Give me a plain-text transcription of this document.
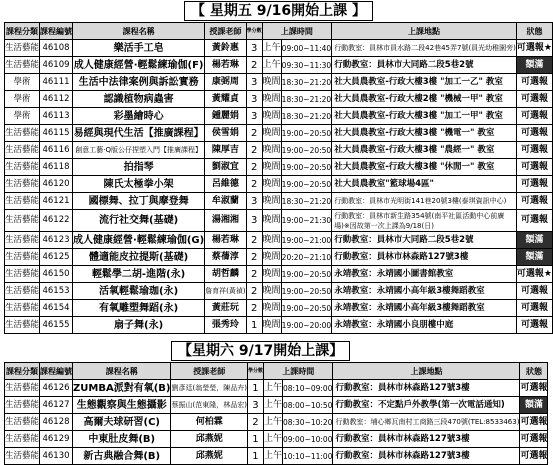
【 星期五 9/16開始上課 】
課程分類	課程編號	課程名稱	授課老師	學分數	上課時間		上課地點	狀態
生活藝能	46108	樂活手工皂	黃鈴惠	3	上午	09:00~11:40	行動教室：員林市員水路二段42巷45弄7號(員光幼稚園旁)	可選報★
生活藝能	46109	成人健康經營·輕鬆練瑜伽(F)	楊若琳	2	上午	09:30~11:30	行動教室：員林市大同路二段5巷2號	額滿
學術	46111	生活中法律案例與訴訟實務	康弼周	3	晚間	18:30~21:20	社大員農教室-行政大樓3樓 "加工一乙" 教室	可選報
學術	46112	認識植物病蟲害	黃耀貞	3	晚間	18:30~21:20	社大員農教室-行政大樓2樓 "機械一甲" 教室	可選報
學術	46113	彩墨繪時心	鍾麗娟	3	晚間	18:30~21:20	社大員農教室-行政大樓3樓 "加工一甲" 教室	可選報
生活藝能	46115	易經與現代生活【推廣課程】	侯雪娟	2	晚間	19:00~20:50	社大員農教室-行政大樓3樓 "機電一" 教室	可選報
生活藝能	46116	創意工藝·Q版公仔捏塑入門【推廣課程】	陳厚吉	2	晚間	19:00~20:50	社大員農教室-行政大樓3樓 "農經一" 教室	可選報
生活藝能	46118	拍指琴	劉淑宜	2	晚間	19:00~20:50	社大員農教室-行政大樓3樓 "休閒一" 教室	可選報
生活藝能	46120	陳氏太極拳小架	呂維德	2	晚間	19:00~20:50	社大員農教室"籃球場4區"	可選報
生活藝能	46121	國標舞、拉丁與摩登舞	牟淑蘭	3	晚間	18:30~21:20	行動教室：員林市光明街141巷20號3樓(泰琪資訊中心)	可選報
生活藝能	46122	流行社交舞(基礎)	湯湘湘	3	晚間	19:00~21:30	行動教室：員林市新生路354號(南平社區活動中心前廣場)※因故第一次上課為9/18(日)	可選報
生活藝能	46123	成人健康經營·輕鬆練瑜伽(G)	楊若琳	2	晚間	19:00~21:00	行動教室：員林市大同路二段5巷2號	額滿
生活藝能	46125	體適能皮拉提斯(基礎)	蔡蒨淳	2	晚間	20:20~21:10	行動教室：員林市林森路127號3樓	額滿
生活藝能	46150	輕鬆學二胡-進階(永)	胡哲麟	2	晚間	19:00~20:50	永靖教室：永靖國小圖書館教室	可選報★
生活藝能	46153	活氧輕鬆瑜珈(永)	詹育祥(黃禎)	2	晚間	19:00~20:50	永靖教室：永靖國小高年級3樓舞蹈教室	可選報
生活藝能	46154	有氧雕塑舞蹈(永)	黃莊玩	2	晚間	19:00~20:50	永靖教室：永靖國小高年級3樓舞蹈教室	可選報
生活藝能	46155	扇子舞(永)	張秀玲	1	晚間	19:00~20:00	永靖教室：永靖國小良朋樓中庭	可選報
【星期六 9/17開始上課】
課程分類	課程編號	課程名稱	授課老師	學分數	上課時間		上課地點	狀態
生活藝能	46126	ZUMBA派對有氧(B)	劉彥廷(翁瑩瑩，陳品卉)	1	上午	08:10~09:00	行動教室：員林市林森路127號3樓	可選報
生活藝能	46127	生態觀察與生態攝影	蔡振山(范東隆，林品宏)	3	上午	08:00~10:50	行動教室：不定點戶外教學(第一次電話通知)	額滿
生活藝能	46128	高爾夫球研習(C)	何柏霖	2	上午	08:30~10:20	行動教室：埔心鄉瓦南村工商路三段470號(TEL:8533463)	可選報
生活藝能	46129	中東肚皮舞(B)	邱燕妮	1	上午	09:00~10:00	行動教室：員林市林森路127號3樓	可選報
生活藝能	46130	新古典融合舞(B)	邱燕妮	1	上午	10:10~11:00	行動教室：員林市林森路127號3樓	可選報
